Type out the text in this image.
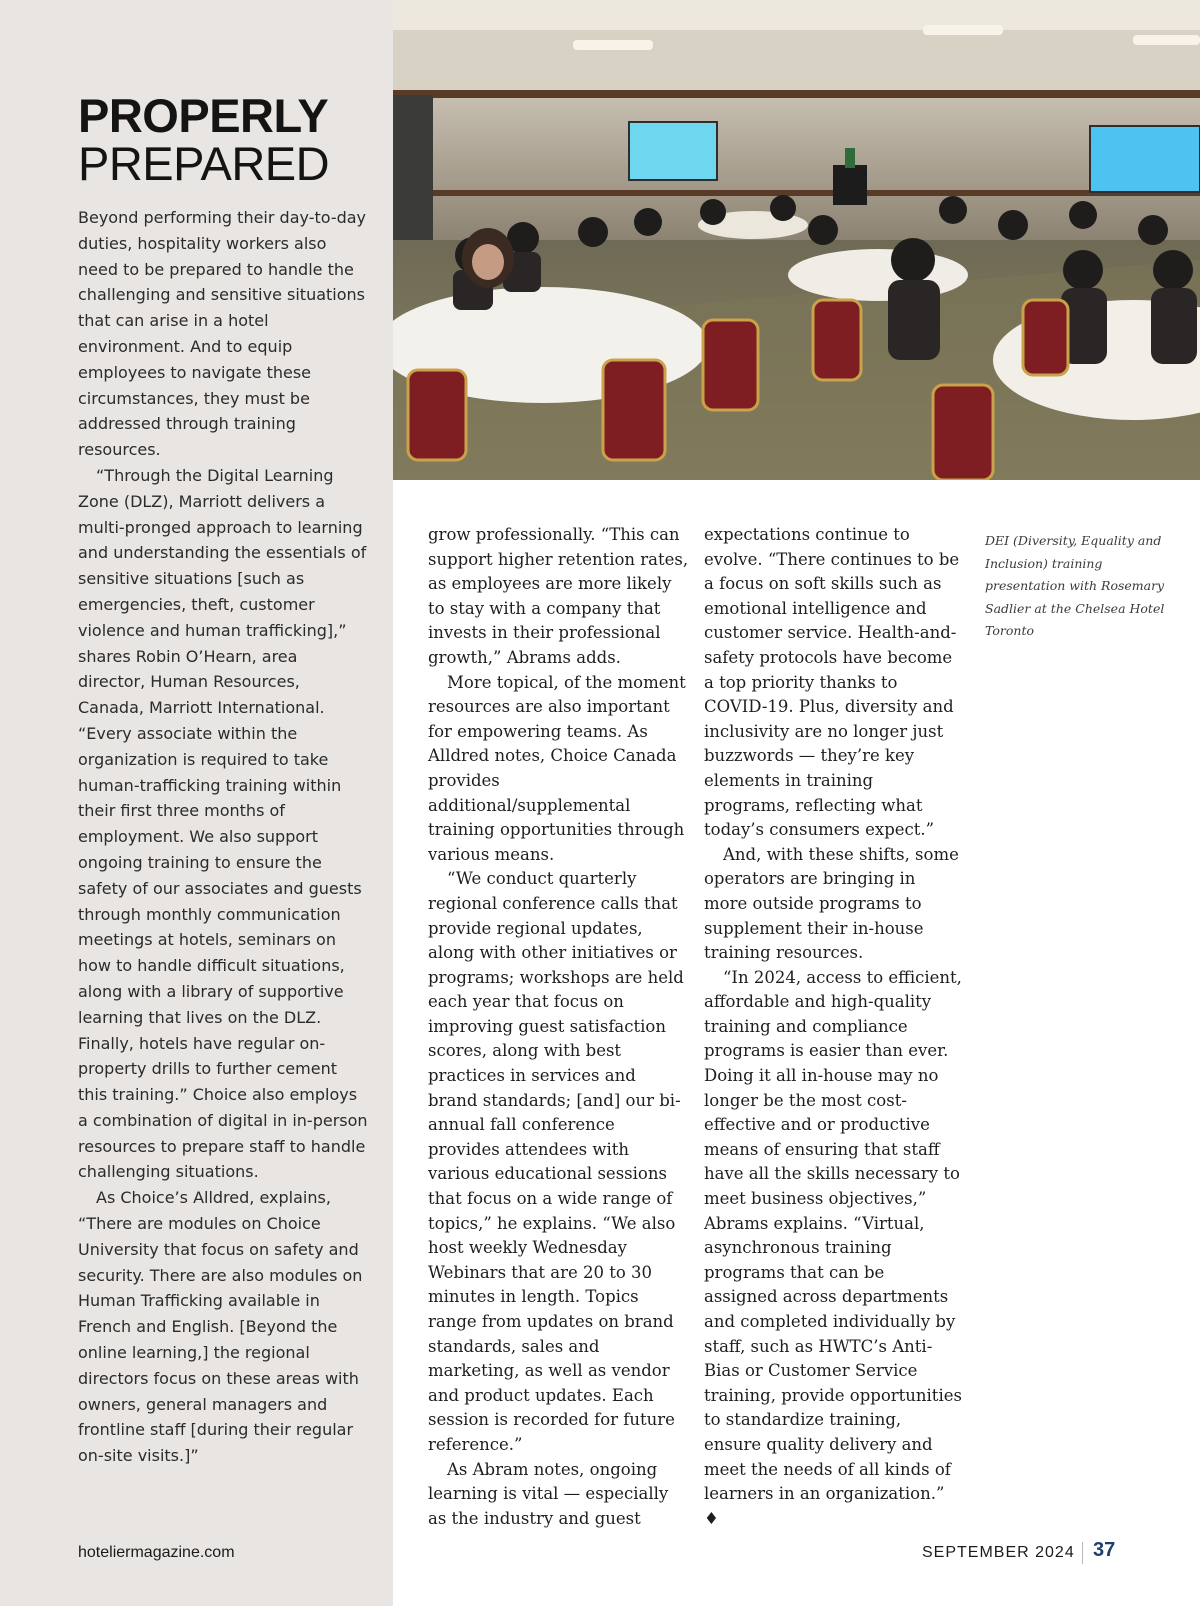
PROPERLY
PREPARED

Beyond performing their day-to-day duties, hospitality workers also need to be prepared to handle the challenging and sensitive situations that can arise in a hotel environment. And to equip employees to navigate these circumstances, they must be addressed through training resources.

“Through the Digital Learning Zone (DLZ), Marriott delivers a multi-pronged approach to learning and understanding the essentials of sensitive situations [such as emergencies, theft, customer violence and human trafficking],” shares Robin O’Hearn, area director, Human Resources, Canada, Marriott International. “Every associate within the organization is required to take human-trafficking training within their first three months of employment. We also support ongoing training to ensure the safety of our associates and guests through monthly communication meetings at hotels, seminars on how to handle difficult situations, along with a library of supportive learning that lives on the DLZ. Finally, hotels have regular on-property drills to further cement this training.” Choice also employs a combination of digital in in-person resources to prepare staff to handle challenging situations.

As Choice’s Alldred, explains, “There are modules on Choice University that focus on safety and security. There are also modules on Human Trafficking available in French and English. [Beyond the online learning,] the regional directors focus on these areas with owners, general managers and frontline staff [during their regular on-site visits.]”

grow professionally. “This can support higher retention rates, as employees are more likely to stay with a company that invests in their professional growth,” Abrams adds.

More topical, of the moment resources are also important for empowering teams. As Alldred notes, Choice Canada provides additional/supplemental training opportunities through various means.

“We conduct quarterly regional conference calls that provide regional updates, along with other initiatives or programs; workshops are held each year that focus on improving guest satisfaction scores, along with best practices in services and brand standards; [and] our bi-annual fall conference provides attendees with various educational sessions that focus on a wide range of topics,” he explains. “We also host weekly Wednesday Webinars that are 20 to 30 minutes in length. Topics range from updates on brand standards, sales and marketing, as well as vendor and product updates. Each session is recorded for future reference.”

As Abram notes, ongoing learning is vital — especially as the industry and guest

expectations continue to evolve. “There continues to be a focus on soft skills such as emotional intelligence and customer service. Health-and-safety protocols have become a top priority thanks to COVID-19. Plus, diversity and inclusivity are no longer just buzzwords — they’re key elements in training programs, reflecting what today’s consumers expect.”

And, with these shifts, some operators are bringing in more outside programs to supplement their in-house training resources.

“In 2024, access to efficient, affordable and high-quality training and compliance programs is easier than ever. Doing it all in-house may no longer be the most cost-effective and or productive means of ensuring that staff have all the skills necessary to meet business objectives,” Abrams explains. “Virtual, asynchronous training programs that can be assigned across departments and completed individually by staff, such as HWTC’s Anti-Bias or Customer Service training, provide opportunities to standardize training, ensure quality delivery and meet the needs of all kinds of learners in an organization.” ♦

DEI (Diversity, Equality and Inclusion) training presentation with Rosemary Sadlier at the Chelsea Hotel Toronto
hoteliermagazine.com	SEPTEMBER 2024 37
